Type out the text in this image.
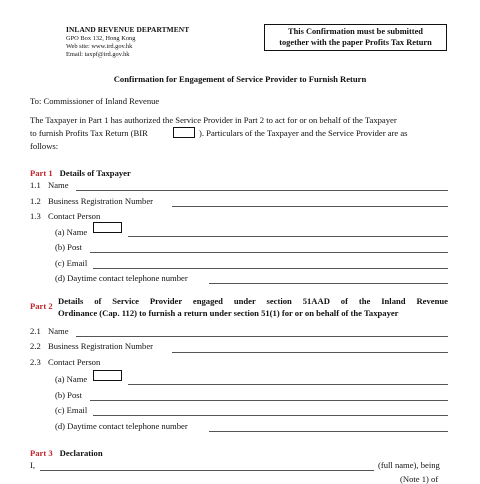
INLAND REVENUE DEPARTMENT
GPO Box 132, Hong Kong
Web site: www.ird.gov.hk
Email: taxpf@ird.gov.hk
This Confirmation must be submitted
together with the paper Profits Tax Return
Confirmation for Engagement of Service Provider to Furnish Return
To: Commissioner of Inland Revenue
The Taxpayer in Part 1 has authorized the Service Provider in Part 2 to act for or on behalf of the Taxpayer
to furnish Profits Tax Return (BIR	). Particulars of the Taxpayer and the Service Provider are as
follows:
Part 1 Details of Taxpayer
1.1 Name
1.2 Business Registration Number
1.3 Contact Person
(a) Name
(b) Post
(c) Email
(d) Daytime contact telephone number
Part 2 Details of Service Provider engaged under section 51AAD of the Inland Revenue
Ordinance (Cap. 112) to furnish a return under section 51(1) for or on behalf of the Taxpayer
2.1 Name
2.2 Business Registration Number
2.3 Contact Person
(a) Name
(b) Post
(c) Email
(d) Daytime contact telephone number
Part 3 Declaration
I,	(full name), being
(Note 1) of
